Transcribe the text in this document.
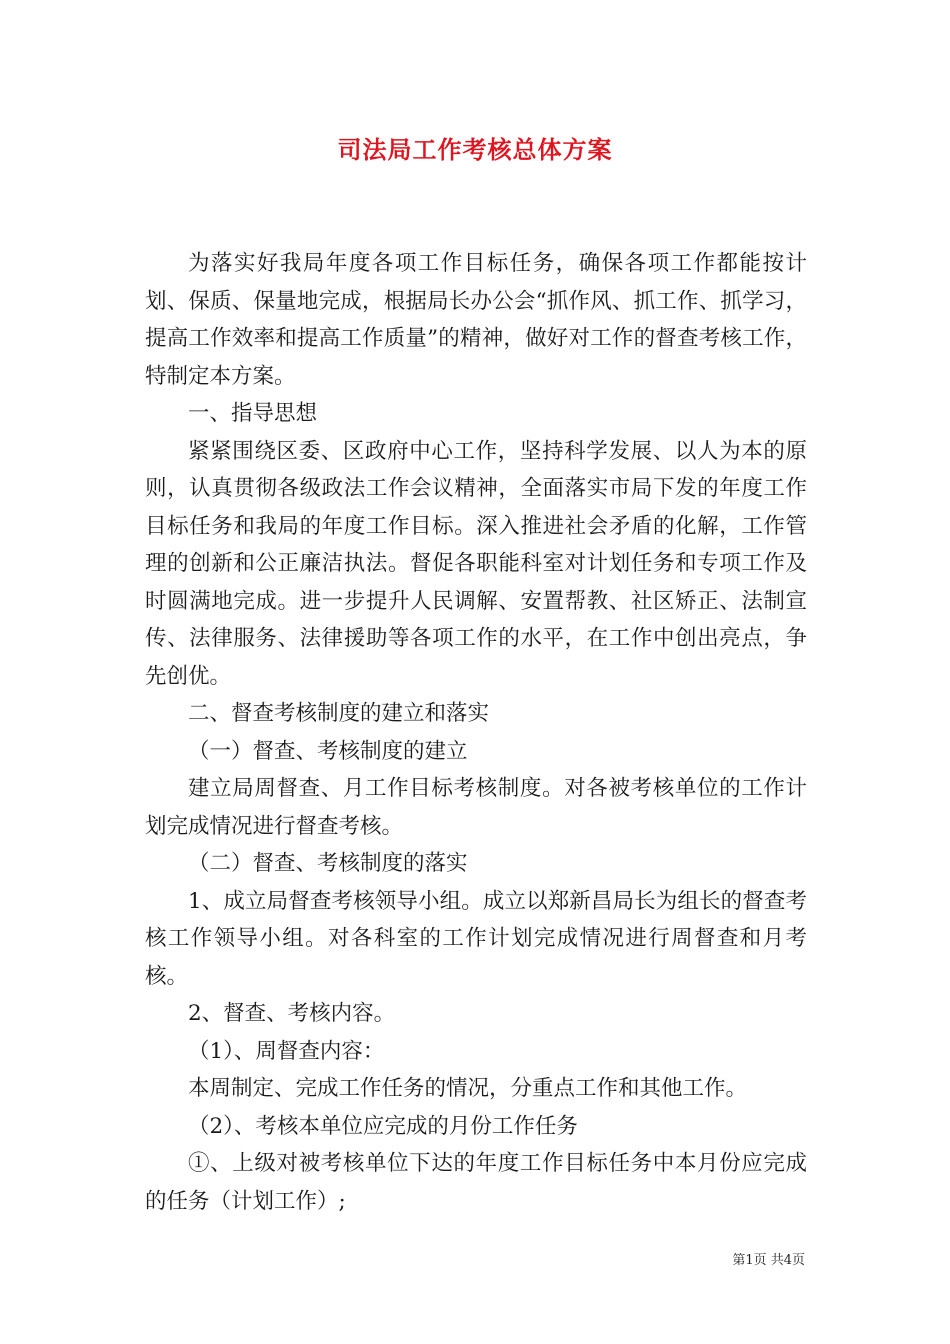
司法局工作考核总体方案

为落实好我局年度各项工作目标任务，确保各项工作都能按计划、保质、保量地完成，根据局长办公会“抓作风、抓工作、抓学习，提高工作效率和提高工作质量”的精神，做好对工作的督查考核工作，特制定本方案。

一、指导思想

紧紧围绕区委、区政府中心工作，坚持科学发展、以人为本的原则，认真贯彻各级政法工作会议精神，全面落实市局下发的年度工作目标任务和我局的年度工作目标。深入推进社会矛盾的化解，工作管理的创新和公正廉洁执法。督促各职能科室对计划任务和专项工作及时圆满地完成。进一步提升人民调解、安置帮教、社区矫正、法制宣传、法律服务、法律援助等各项工作的水平，在工作中创出亮点，争先创优。

二、督查考核制度的建立和落实

（一）督查、考核制度的建立

建立局周督查、月工作目标考核制度。对各被考核单位的工作计划完成情况进行督查考核。

（二）督查、考核制度的落实

1、成立局督查考核领导小组。成立以郑新昌局长为组长的督查考核工作领导小组。对各科室的工作计划完成情况进行周督查和月考核。

2、督查、考核内容。

（1）、周督查内容：

本周制定、完成工作任务的情况，分重点工作和其他工作。

（2）、考核本单位应完成的月份工作任务

①、上级对被考核单位下达的年度工作目标任务中本月份应完成的任务（计划工作）;

第1页 共4页
